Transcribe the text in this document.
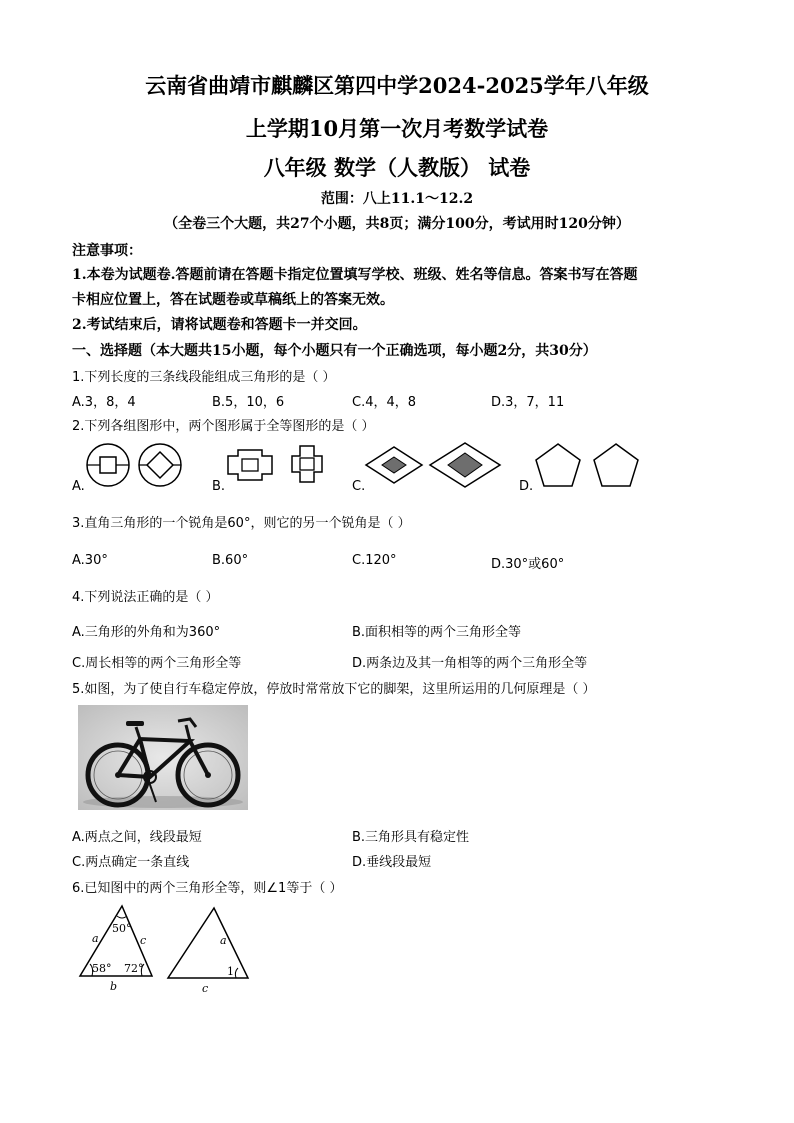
云南省曲靖市麒麟区第四中学2024-2025学年八年级
上学期10月第一次月考数学试卷
八年级 数学（人教版） 试卷
范围：八上11.1～12.2
（全卷三个大题，共27个小题，共8页；满分100分，考试用时120分钟）
注意事项：
1.本卷为试题卷.答题前请在答题卡指定位置填写学校、班级、姓名等信息。答案书写在答题
卡相应位置上，答在试题卷或草稿纸上的答案无效。
2.考试结束后，请将试题卷和答题卡一并交回。
一、选择题（本大题共15小题，每个小题只有一个正确选项，每小题2分，共30分）
1.下列长度的三条线段能组成三角形的是（ ）
A.3，8，4	B.5，10，6	C.4，4，8	D.3，7，11
2.下列各组图形中，两个图形属于全等图形的是（ ）
A.	B.	C.	D.
3.直角三角形的一个锐角是60°，则它的另一个锐角是（ ）
A.30°	B.60°	C.120°	D.30°或60°
4.下列说法正确的是（ ）
A.三角形的外角和为360°	B.面积相等的两个三角形全等
C.周长相等的两个三角形全等	D.两条边及其一角相等的两个三角形全等
5.如图，为了使自行车稳定停放，停放时常常放下它的脚架，这里所运用的几何原理是（ ）
A.两点之间，线段最短	B.三角形具有稳定性
C.两点确定一条直线	D.垂线段最短
6.已知图中的两个三角形全等，则∠1等于（ ）
50°
58° 72°
a	c
b
a
1
c
